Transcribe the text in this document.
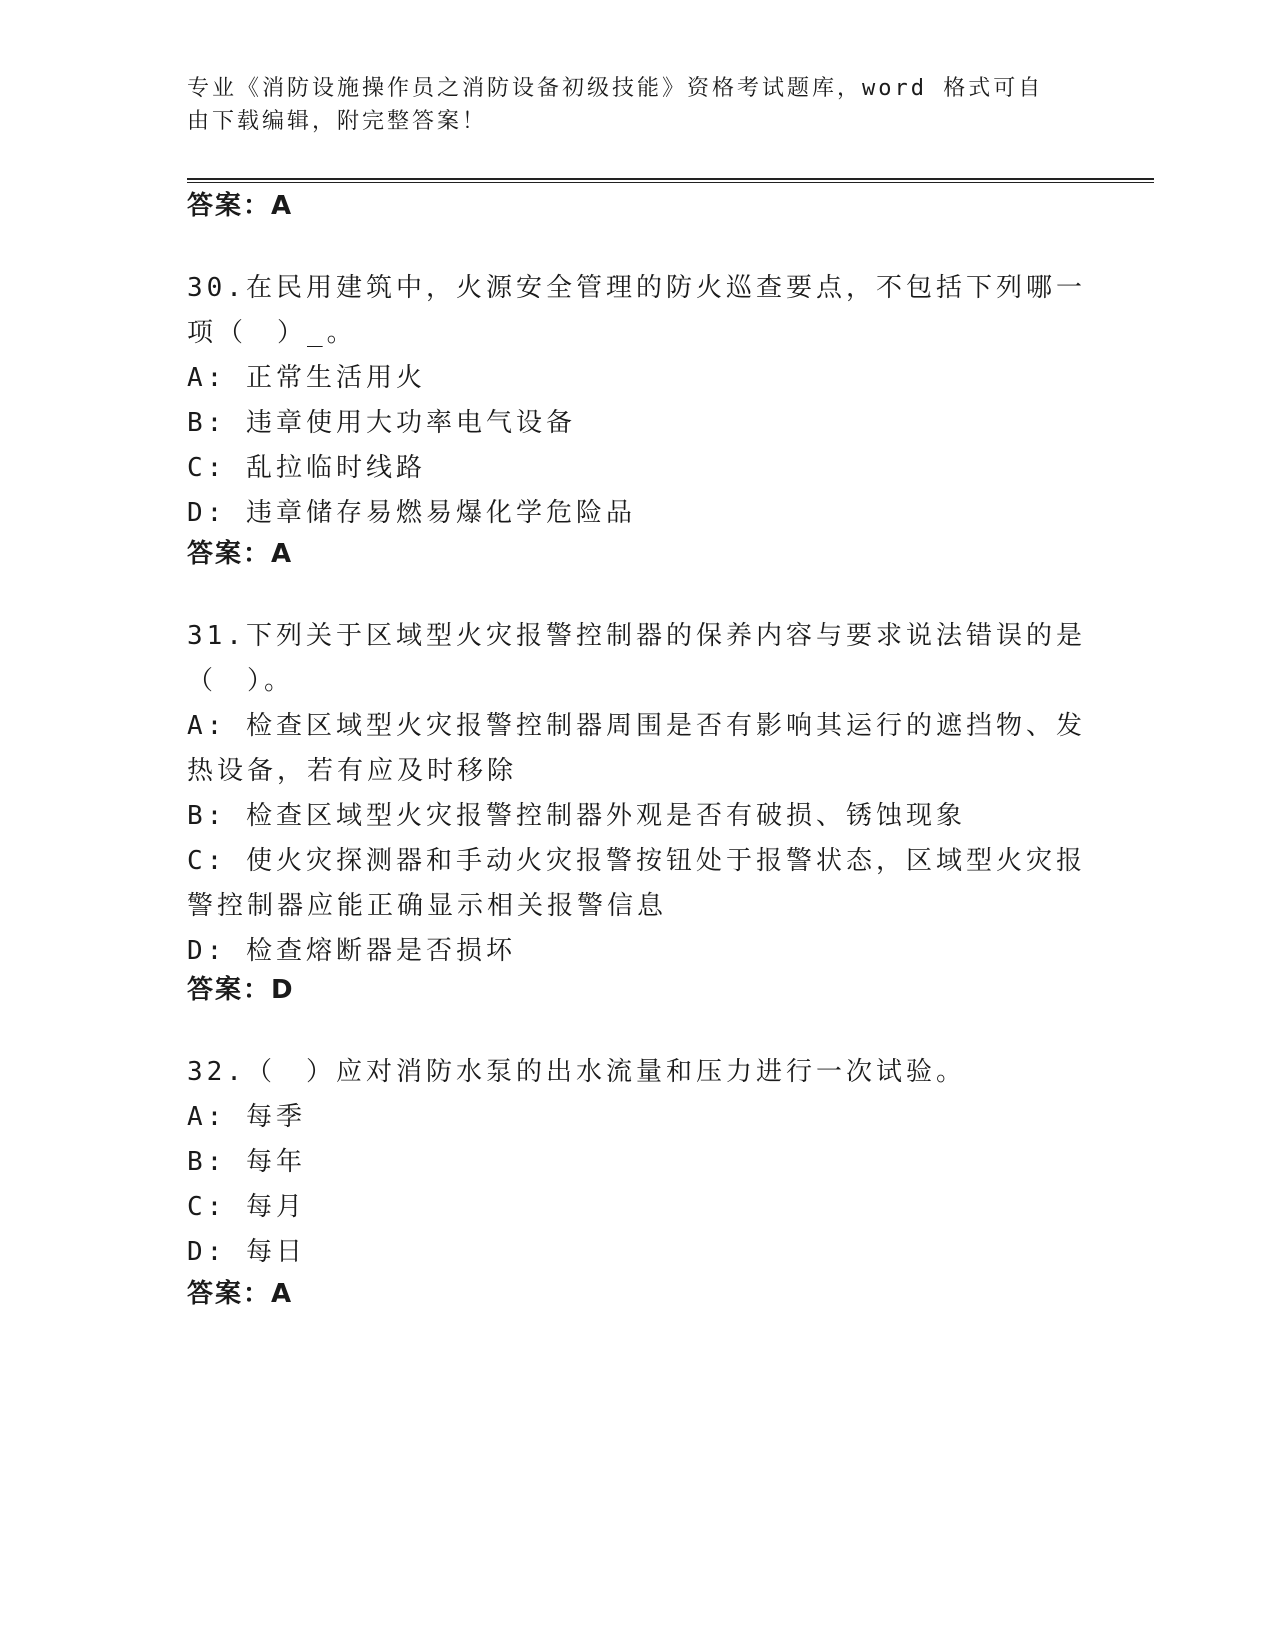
专业《消防设施操作员之消防设备初级技能》资格考试题库，word 格式可自由下载编辑，附完整答案！
答案：A
30.在民用建筑中，火源安全管理的防火巡查要点，不包括下列哪一项（　）_。
A: 正常生活用火
B: 违章使用大功率电气设备
C: 乱拉临时线路
D: 违章储存易燃易爆化学危险品
答案：A
31.下列关于区域型火灾报警控制器的保养内容与要求说法错误的是（　）。
A: 检查区域型火灾报警控制器周围是否有影响其运行的遮挡物、发热设备，若有应及时移除
B: 检查区域型火灾报警控制器外观是否有破损、锈蚀现象
C: 使火灾探测器和手动火灾报警按钮处于报警状态，区域型火灾报警控制器应能正确显示相关报警信息
D: 检查熔断器是否损坏
答案：D
32.（　）应对消防水泵的出水流量和压力进行一次试验。
A: 每季
B: 每年
C: 每月
D: 每日
答案：A
